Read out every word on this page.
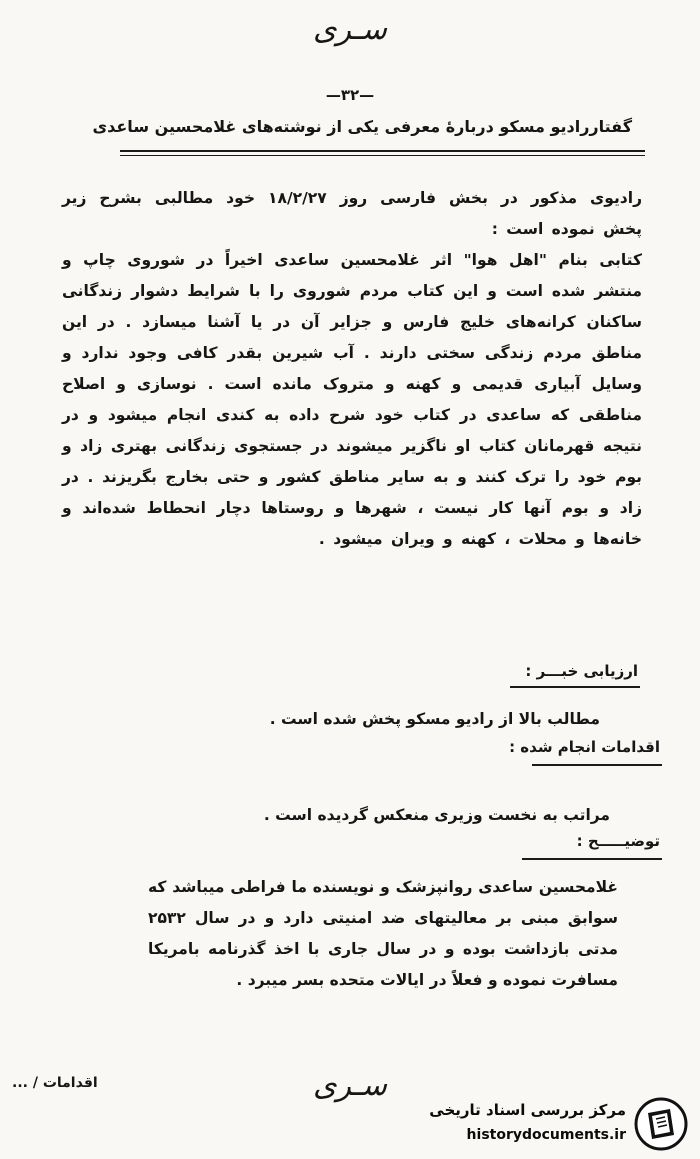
سـری
—۳۲—
گفتاررادیو مسکو دربارهٔ معرفی یکی از نوشته‌های غلامحسین ساعدی

رادیوی مذکور در بخش فارسی روز ۱۸/۲/۲۷ خود مطالبی بشرح زیر پخش نموده است :

کتابی بنام "اهل هوا" اثر غلامحسین ساعدی اخیراً در شوروی چاپ و منتشر شده است و این کتاب مردم شوروی را با شرایط دشوار زندگانی ساکنان کرانه‌های خلیج فارس و جزایر آن در یا آشنا میسازد . در این مناطق مردم زندگی سختی دارند . آب شیرین بقدر کافی وجود ندارد و وسایل آبیاری قدیمی و کهنه و متروک مانده است . نوسازی و اصلاح مناطقی که ساعدی در کتاب خود شرح داده به کندی انجام میشود و در نتیجه قهرمانان کتاب او ناگزیر میشوند در جستجوی زندگانی بهتری زاد و بوم خود را ترک کنند و به سایر مناطق کشور و حتی بخارج بگریزند . در زاد و بوم آنها کار نیست ، شهرها و روستاها دچار انحطاط شده‌اند و خانه‌ها و محلات ، کهنه و ویران میشود .

ارزیابی خبـــر :
مطالب بالا از رادیو مسکو پخش شده است .
اقدامات انجام شده :
مراتب به نخست وزیری منعکس گردیده است .
توضیـــــح :
غلامحسین ساعدی روانپزشک و نویسنده ما فراطی میباشد که سوابق مبنی بر معالیتهای ضد امنیتی دارد و در سال ۲۵۳۲ مدتی بازداشت بوده و در سال جاری با اخذ گذرنامه بامریکا مسافرت نموده و فعلاً در ایالات متحده بسر میبرد .
اقدامات / ...	سـری
مرکز بررسی اسناد تاریخی
historydocuments.ir
